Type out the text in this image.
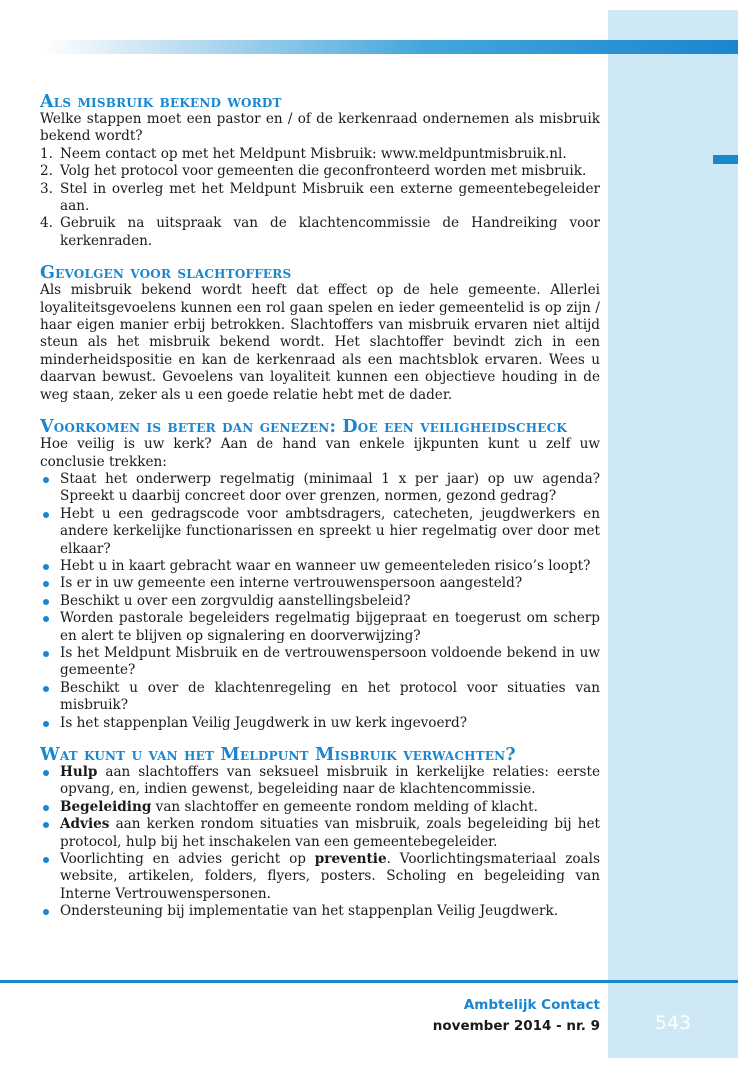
Als misbruik bekend wordt

Welke stappen moet een pastor en / of de kerkenraad ondernemen als misbruik bekend wordt?

1. Neem contact op met het Meldpunt Misbruik: www.meldpuntmisbruik.nl.
2. Volg het protocol voor gemeenten die geconfronteerd worden met misbruik.
3. Stel in overleg met het Meldpunt Misbruik een externe gemeentebegeleider aan.
4. Gebruik na uitspraak van de klachtencommissie de Handreiking voor kerkenraden.
Gevolgen voor slachtoffers

Als misbruik bekend wordt heeft dat effect op de hele gemeente. Allerlei loyaliteitsgevoelens kunnen een rol gaan spelen en ieder gemeentelid is op zijn / haar eigen manier erbij betrokken. Slachtoffers van misbruik ervaren niet altijd steun als het misbruik bekend wordt. Het slachtoffer bevindt zich in een minderheidspositie en kan de kerkenraad als een machtsblok ervaren. Wees u daarvan bewust. Gevoelens van loyaliteit kunnen een objectieve houding in de weg staan, zeker als u een goede relatie hebt met de dader.

Voorkomen is beter dan genezen: Doe een veiligheidscheck

Hoe veilig is uw kerk? Aan de hand van enkele ijkpunten kunt u zelf uw conclusie trekken:

Staat het onderwerp regelmatig (minimaal 1 x per jaar) op uw agenda? Spreekt u daarbij concreet door over grenzen, normen, gezond gedrag?
Hebt u een gedragscode voor ambtsdragers, catecheten, jeugdwerkers en andere kerkelijke functionarissen en spreekt u hier regelmatig over door met elkaar?
Hebt u in kaart gebracht waar en wanneer uw gemeenteleden risico’s loopt?
Is er in uw gemeente een interne vertrouwenspersoon aangesteld?
Beschikt u over een zorgvuldig aanstellingsbeleid?
Worden pastorale begeleiders regelmatig bijgepraat en toegerust om scherp en alert te blijven op signalering en doorverwijzing?
Is het Meldpunt Misbruik en de vertrouwenspersoon voldoende bekend in uw gemeente?
Beschikt u over de klachtenregeling en het protocol voor situaties van misbruik?
Is het stappenplan Veilig Jeugdwerk in uw kerk ingevoerd?
Wat kunt u van het Meldpunt Misbruik verwachten?
Hulp aan slachtoffers van seksueel misbruik in kerkelijke relaties: eerste opvang, en, indien gewenst, begeleiding naar de klachtencommissie.
Begeleiding van slachtoffer en gemeente rondom melding of klacht.
Advies aan kerken rondom situaties van misbruik, zoals begeleiding bij het protocol, hulp bij het inschakelen van een gemeentebegeleider.
Voorlichting en advies gericht op preventie. Voorlichtingsmateriaal zoals website, artikelen, folders, flyers, posters. Scholing en begeleiding van Interne Vertrouwenspersonen.
Ondersteuning bij implementatie van het stappenplan Veilig Jeugdwerk.
Ambtelijk Contact
november 2014 - nr. 9	543
